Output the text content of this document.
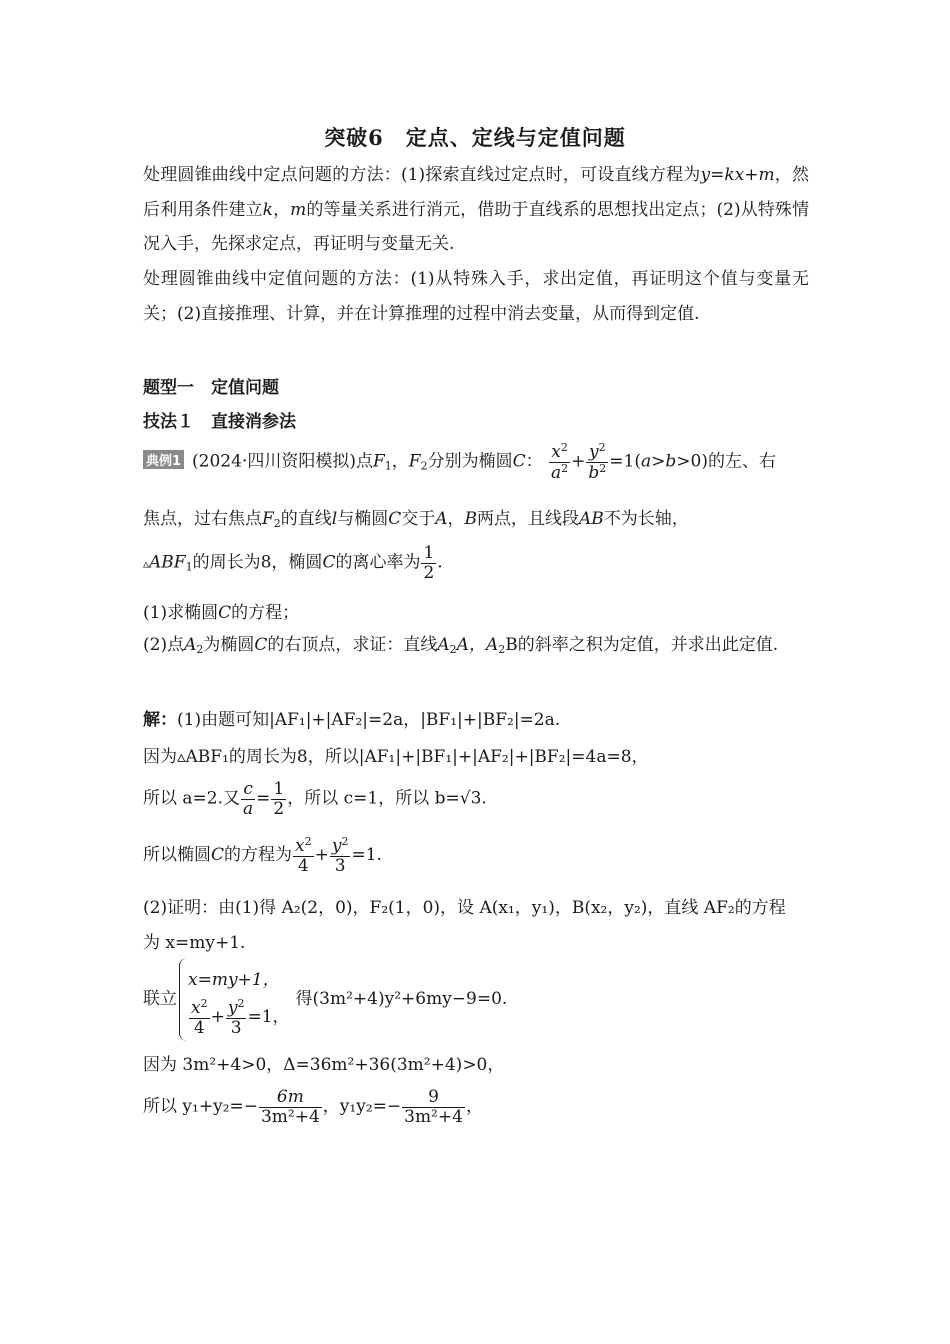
突破6　定点、定线与定值问题
处理圆锥曲线中定点问题的方法：(1)探索直线过定点时，可设直线方程为y=kx+m，然后利用条件建立k，m的等量关系进行消元，借助于直线系的思想找出定点；(2)从特殊情况入手，先探求定点，再证明与变量无关.
处理圆锥曲线中定值问题的方法：(1)从特殊入手，求出定值，再证明这个值与变量无关；(2)直接推理、计算，并在计算推理的过程中消去变量，从而得到定值.
题型一　定值问题
技法１　直接消参法
典例1 (2024·四川资阳模拟)点$F_1$，$F_2$分别为椭圆C： $\frac{x^2}{a^2} + \frac{y^2}{b^2} =1(a>b>0)$的左、右
焦点，过右焦点$F_2$的直线l与椭圆C交于A，B两点，且线段AB不为长轴，
$▵ABF_1$的周长为8，椭圆C的离心率为 $\frac{1}{2}$ .
(1)求椭圆C的方程；
(2)点$A_2$为椭圆C的右顶点，求证：直线$A_2A$，$A_2B$的斜率之积为定值，并求出此定值.
解：(1)由题可知|AF₁|+|AF₂|=2a，|BF₁|+|BF₂|=2a.
因为▵ABF₁的周长为8，所以|AF₁|+|BF₁|+|AF₂|+|BF₂|=4a=8，
所以 a=2.又 $\frac{c}{a} = \frac{1}{2}$ ，所以 c=1，所以 b=√3.
所以椭圆C的方程为 $\frac{x^2}{4} + \frac{y^2}{3} =1$.
(2)证明：由(1)得 A₂(2，0)，F₂(1，0)，设 A(x₁，y₁)，B(x₂，y₂)，直线 AF₂的方程
为 x=my+1.
联立
x=my+1，
$\frac{x^2}{4} + \frac{y^2}{3} =1$，
得(3m²+4)y²+6my−9=0.
因为 3m²+4>0，Δ=36m²+36(3m²+4)>0，
所以 $y_1+y_2=- \frac{6m}{\text{3m²+4}}$ ，$y_1y_2=- \frac{9}{\text{3m²+4}}$ ，
